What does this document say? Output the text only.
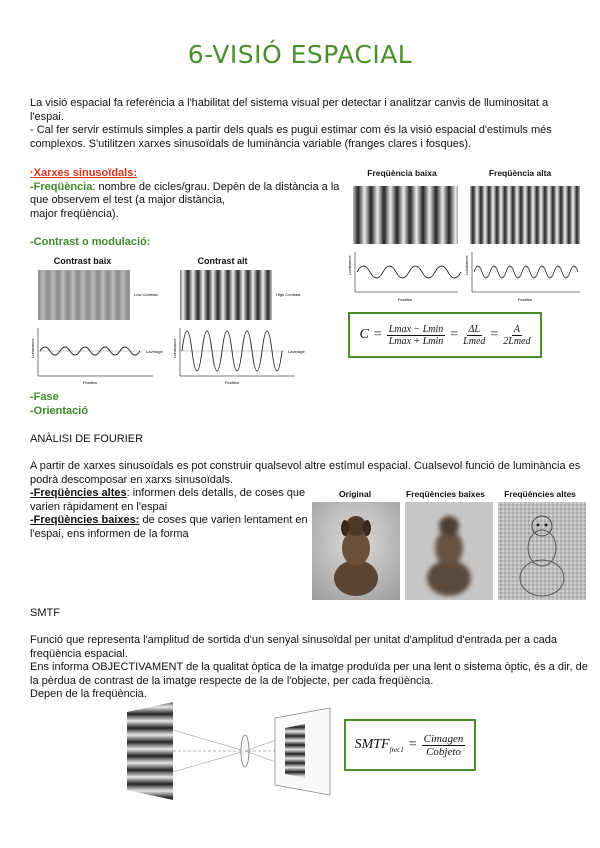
6-VISIÓ ESPACIAL
La visió espacial fa referència a l'habilitat del sistema visual per detectar i analitzar canvis de lluminositat a l'espai.
- Cal fer servir estímuls simples a partir dels quals es pugui estimar com és la visió espacial d'estímuls més complexos. S'utilitzen xarxes sinusoïdals de luminància variable (franges clares i fosques).
·Xarxes sinusoïdals:
-Freqüència: nombre de cicles/grau. Depèn de la distància a la que observem el test (a major distància,
major freqüència).
-Contrast o modulació:
Freqüència baixa	Freqüència alta
Position	Position
Luminance	Luminance
C = Lmax − Lmin
Lmax + Lmin = ΔL
Lmed = A
2Lmed
Contrast baix	Contrast alt
Low Contrast	High Contrast
Laverage	Laverage
Position	Position
Luminance	Luminance
-Fase
-Orientació
ANÀLISI DE FOURIER
A partir de xarxes sinusoïdals es pot construir qualsevol altre estímul espacial. Cualsevol funció de luminància es podrà descomposar en xarxs sinusoïdals.
-Freqüències altes: informen dels detalls, de coses que varien ràpidament en l'espai
-Freqüències baixes: de coses que varien lentament en l'espai, ens informen de la forma
Original	Freqüències baixes	Freqüències altes
SMTF
Funció que representa l'amplitud de sortida d'un senyal sinusoïdal per unitat d'amplitud d'entrada per a cada freqüència espacial.
Ens informa OBJECTIVAMENT de la qualitat òptica de la imatge produïda per una lent o sistema òptic, és a dir, de la pèrdua de contrast de la imatge respecte de la de l'objecte, per cada freqüència.
Depen de la freqüència.
$SMTF_{frec1}$ = Cimagen
Cobjeto
